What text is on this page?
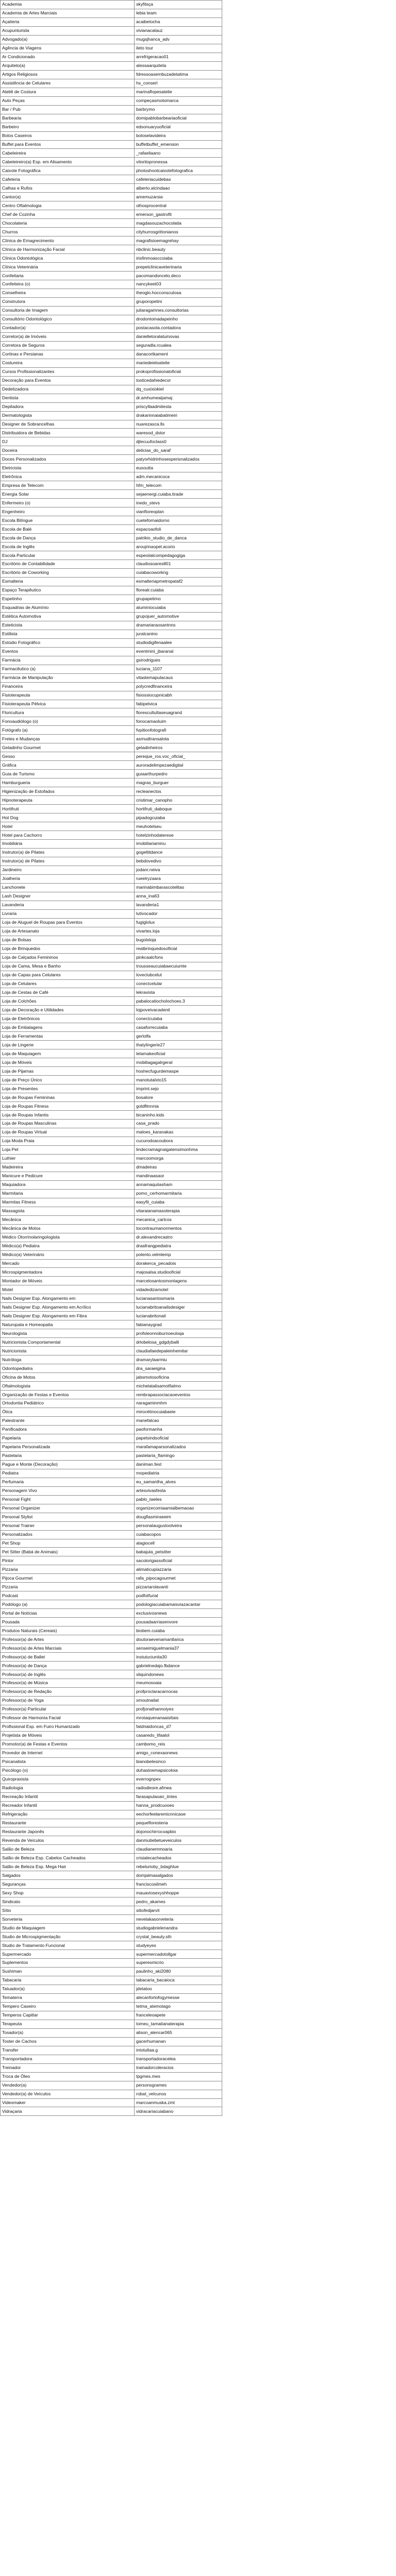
Academia	skyfitsça
Academia de Artes Marciais	lebia team
Açaiteria	acaibetocha
Acupunturista	vivianacalauz
Advogado(a)	mugsjhanca_adv
Agência de Viagens	ileto tour
Ar Condicionado	arrefrigeracao01
Arquiteto(a)	alessaarquiteta
Artigos Religiosos	fdressoasembuzadetatima
Assistência de Celulares	hs_conserl
Ateliê de Costura	marinaflopesatelie
Auto Peças	compeçasmotomarca
Bar / Pub	barbrymo
Barbearia	domipablobarbeariaoficial
Barbeiro	edsonuaryuoficial
Bolos Caseiros	boloselavideira
Buffet para Eventos	buffetbuffet_emersion
Cabeleireira	_rafaeliaano
Cabeleireiro(a) Esp. em Alisamento	vitoritopronessa
Caixote Fotográfica	photoshootcaixotefotografica
Cafeteria	cafeteriacuidebas
Calhas e Rufos	alberto.alcindaao
Cantor(a)	amemuzarsia
Centro Oftalmologia	olhosprocentral
Chef de Cozinha	emerson_gastrofit
Chocolateria	magdasouzachocolatia
Churros	cityhurrosgrittonianos
Clínica de Emagrecimento	magrafisioemagrehay
Clínica de Harmonização Facial	nbclinic.beauty
Clínica Odontológica	irisfinmoasccoiaba
Clínica Veterinária	prepetclinicaveterinaria
Confeitaria	pacomandoncelo.deco
Confeiteira (o)	nancykeet03
Conselheira	theoglo.hocconsculosa
Construtora	gruporopetini
Consultoria de Imagem	juliaragamnes.consultorias
Consultório Odontológico	drodontoinadapeinho
Contador(a)	postacasola.contadora
Corretor(a) de Imóveis	danielletoralatumovas
Corretora de Seguros	seguradla.rcualea
Cortinas e Persianas	danacortkament
Costureira	mariedeieloatelie
Cursos Profissionalizantes	prokoprofissionaloficial
Decoração para Eventos	tosticedahiedecor
Dedetizadora	dq_cuxixiokiel
Dentista	dr.amhumeaijamaj
Depiladora	priscyllaadmitesta
Dermatologista	drakarinnaiabatimeiri
Designer de Sobrancelhas	nuarezasca.lls
Distribuidora de Bebidas	waresod_dstor
DJ	djlecuufoclass0
Doceira	delicias_do_saraf
Doces Personalizados	patyorhidrinhosesperisnalizados
Eletricista	eusoutta
Eletrônica	adm.mecanicoca
Empresa de Telecom	hfm_telecom
Energia Solar	sejaenergi.cuiaba.tirade
Enfermeiro (o)	inedo_stevs
Engenheiro	vianftoreoplan
Escola Bilíngue	cuetefornaidorno
Escola de Balé	espacoaofoli
Escola de Dança	patrikio_studio_de_danca
Escola de Inglês	aroujrinaopel.acorio
Escola Particular	espeoiialcompedagogiga
Escritório de Contabilidade	claudiosoares801
Escritório de Coworking	cuiabacoworkng
Esmalteria	esmalteriapmetropataf2
Espaço Terapêutico	florealr.cuiaba
Espetinho	grupapetimo
Esquadrias de Alumínio	aluminiocuiaba
Estética Automotiva	grupojuer_automotive
Esteticista	dramariaraosantnns
Estilista	juralcanino
Estúdio Fotográfico	studiodigifenaalee
Eventos	eventmini_jbaranal
Farmácia	gsirodrigues
Farmacêutico (a)	luciana_1107
Farmácia de Manipulação	vitastemapulacaus
Financeira	polycredfinanceira
Fisioterapeuta	fisiossiocupnicabh
Fisioterapeuta Pélvica	fabipelvica
Floricultura	florescultultaseuagrand
Fonoaudiólogo (o)	fonocamaoluim
Fotógrafo (a)	fvpitionfotografi
Fretes e Mudanças	asmudtransalota
Geladinho Gourmet	geladinheiros
Gesso	pereque_ros.voc_oficial_
Gráfica	auroradelimpezaedigital
Guia de Turismo	guiaarthurpedro
Hamburgueria	magras_burguer
Higienização de Estofados	recleanectos
Hipnoterapeuta	cristimar_canopho
Hortifruti	hortifruti_daboque
Hot Dog	pipadogcuiaba
Hotel	meuhotelseu
Hotel para Cachorro	hotelzinhodaterese
Imobiliária	imobiliariaminu
Instrutor(a) de Pilates	gogeltitdance
Instrutor(a) de Pilates	bebdovedivo
Jardineiro	jodanr.neiva
Joalheria	rueelryzaara
Lanchonete	marinabimbarascotelitas
Lash Designer	anna_ina63
Lavanderia	lavanderia1
Livraria	lutivocador
Loja de Aluguel de Roupas para Eventos	fugiglolux
Loja de Artesanato	vivartes.loja
Loja de Bolsas	bugolsloja
Loja de Brinquedos	reatbrinquedosoficial
Loja de Calçados Femininos	pinkcaalcfons
Loja de Cama, Mesa e Banho	trousseaucuiabaecuiumte
Loja de Capas para Celulares	loveclubcelut
Loja de Celulares	conectcelular
Loja de Cestas de Café	lekravista
Loja de Colchões	pabalocatiocholochoes.3
Loja de Decoração e Utilidades	lojpoveivacadenil
Loja de Eletrônicos	conectcuiaba
Loja de Embalagens	casaforrecuiaba
Loja de Ferramentas	gerlolfa
Loja de Lingerie	thatylingerie27
Loja de Maquiagem	lelamakeoficial
Loja de Móveis	mobiliagagalrgeral
Loja de Pijamas	hoshecfugurdemaspe
Loja de Preço Único	manotutalxto15
Loja de Presentes	imprint.sejo
Loja de Roupas Femininas	bosalore
Loja de Roupas Fitness	goldfitnnnia
Loja de Roupas Infantis	bicaninho.kids
Loja de Roupas Masculinas	casa_prado
Loja de Roupas Virtual	maloes_karanakas
Loja Moda Praia	cucurodoacoubora
Loja Pet	lindecramagnaigatensimonhma
Luthier	marcoomorga
Madeireira	dmadeiras
Manicure e Pedicure	mandinaasaor
Maquiadora	annamaquiiasham
Marmitaria	pomo_cerhomarmitaria
Marmitas Fitness	easyfit_cuiaba
Massagista	vitaraianamasoterapia
Mecânica	mecanica_carlcos
Mecânica de Motos	tocontraumanormentos
Médico Otorrinolaringologista	dr.alexandrecastro
Médico(a) Pediatra	draafrangpediatra
Médico(a) Veterinário	polento.velmlemp
Mercado	dorakerca_pecadois
Microspigmentadora	majosalsa.studiooficial
Montador de Móveis	marcelosantosmontagens
Motel	vidadedizamotel
Nails Designer Esp. Alongamento em	lucianasantosmaria
Nails Designer Esp. Alongamento em Acrílico	lucianabritoanailsdesiger
Nails Designer Esp. Alongamento em Fibra	lucianabritonail
Naturopata e Homeopatia	fabianaygrad
Neurologista	profsleonnoburnoeuloqa
Nutricionista Comportamental	drlobelosa_gdgdyballi
Nutricionista	claudiafaedepaleinhemitar
Nutróloga	dramarylaarmiu
Odontopediatra	dra_saraeigina
Oficina de Motos	jabsmotosoficina
Oftalmologista	michelatalisamotfialmo
Organização de Festas e Eventos	rembrapassociacaoeventos
Ortodontia Pediátrico	naragaminmhm
Ótica	mirocétinocuiabaeie
Palestrante	manefalcao
Panificadora	paoformanha
Papelaria	papelsindsoficial
Papelaria Personalizada	marafamaparsonalizados
Pastelaria	pastelaria_flamingo
Pague e Monte (Decoração)	daniman.fest
Pediatra	mopediatria
Perfumaria	eu_samantha_alves
Personagem Vivo	artesvivasfesta
Personal Fight	pablo_iweles
Personal Organizer	organizecomiaamialbemaoao
Personal Stylist	dougfiasmiraeeim
Personal Trainer	personalaugustoolveira
Personalizados	cuiabacopos
Pet Shop	alagiocell
Pet Sitter (Babá de Animais)	babajula_petsitter
Pintor	sacolorigassoficial
Pizzaria	alimaticupiazzaria
Pijoca Gourmet	rafa_pipocagourmet
Pizzaria	pizzariarolavanti
Podcast	podfotfurial
Podólogo (a)	podologiacuiabamaisviazacantar
Portal de Notícias	exclusivosnews
Pousada	pousadaarriasenvore
Produtos Naturais (Cereais)	biotiem.cuiaba
Professor(a) de Artes	doutoraevenamantlarica
Professor(a) de Artes Marciais	senseimiguelmania37
Professor(a) de Ballet	instutuciunita30
Professor(a) de Dança	gabrielnedajo.fbdance
Professor(a) de Inglês	sliquindonews
Professor(a) de Música	meumosoaia
Professor(a) de Redação	profproclaracarnocas
Professor(a) de Yoga	smoutnailat
Professor(a) Particular	profjonathannoiyes
Professor de Harmonia Facial	mrotaquenanaaisttais
Profissional Esp. em Fuiro Humanizado	fatdriaidoncas_d7
Projetista de Móveis	casaredo_lifaalol
Promotor(a) de Festas e Eventos	cambomo_reis
Provedor de Internet	amigo_conexaonews
Psicanalista	bianobelesinco
Psicólogo (o)	duhastoemapsicoloia
Quiropraxista	everrognpex
Radiologia	radiodiesre.afmea
Recreação Infantil	farasapulaoan_iintes
Recreador Infantil	hanna_prodcuooes
Refrigeração	eechorfeelaremicnnicaoe
Restaurante	pequefloresteria
Restaurante Japonês	dojonochirrocoapbio
Revenda de Veículos	danmutiebetueveiculos
Salão de Beleza	claudianemmoaria
Salão de Beleza Esp. Cabelos Cacheados	crisialecacheados
Salão de Beleza Esp. Mega Hair	rebelurioby_bdaghlue
Salgados	domjalmasalgados
Seguranças	franciscosilmeh
Sexy Shop	mauaviosexyshhoppe
Sindicato	pedro_akames
Sítio	sitiofedjarvit
Sorveteria	nevelakasorveteria
Studio de Maquiagem	studiogabrielenandra
Studio de Microspigmentação	crystal_beauty.sth
Studio de Tratamento Funcional	studyeyes
Supermercado	supermercadotollgar
Suplementos	superesmicrio
Sushiman	paulinho_aki2080
Tabacaria	tabacaria_bacaioca
Tatuador(a)	jdetatoo
Tematerra	alecanfortofogymesse
Tempero Caseiro	tetma_atemotago
Temperos Capitlar	franceleoapete
Terapeuta	tomeu_tamatianaterapia
Tosador(a)	alison_alencar065
Toster de Cachos	gacerhumanan
Transfer	intotultaa.g
Transportadora	transportadoracelea
Treinador	trainadorcoleracios
Troca de Óleo	tpgmes.mes
Vendedor(a)	personsgrames
Vendedor(a) de Veículos	robat_velcunos
Videomaker	marcoanmuska.zmt
Vidraçaria	vidracariacuiabano
